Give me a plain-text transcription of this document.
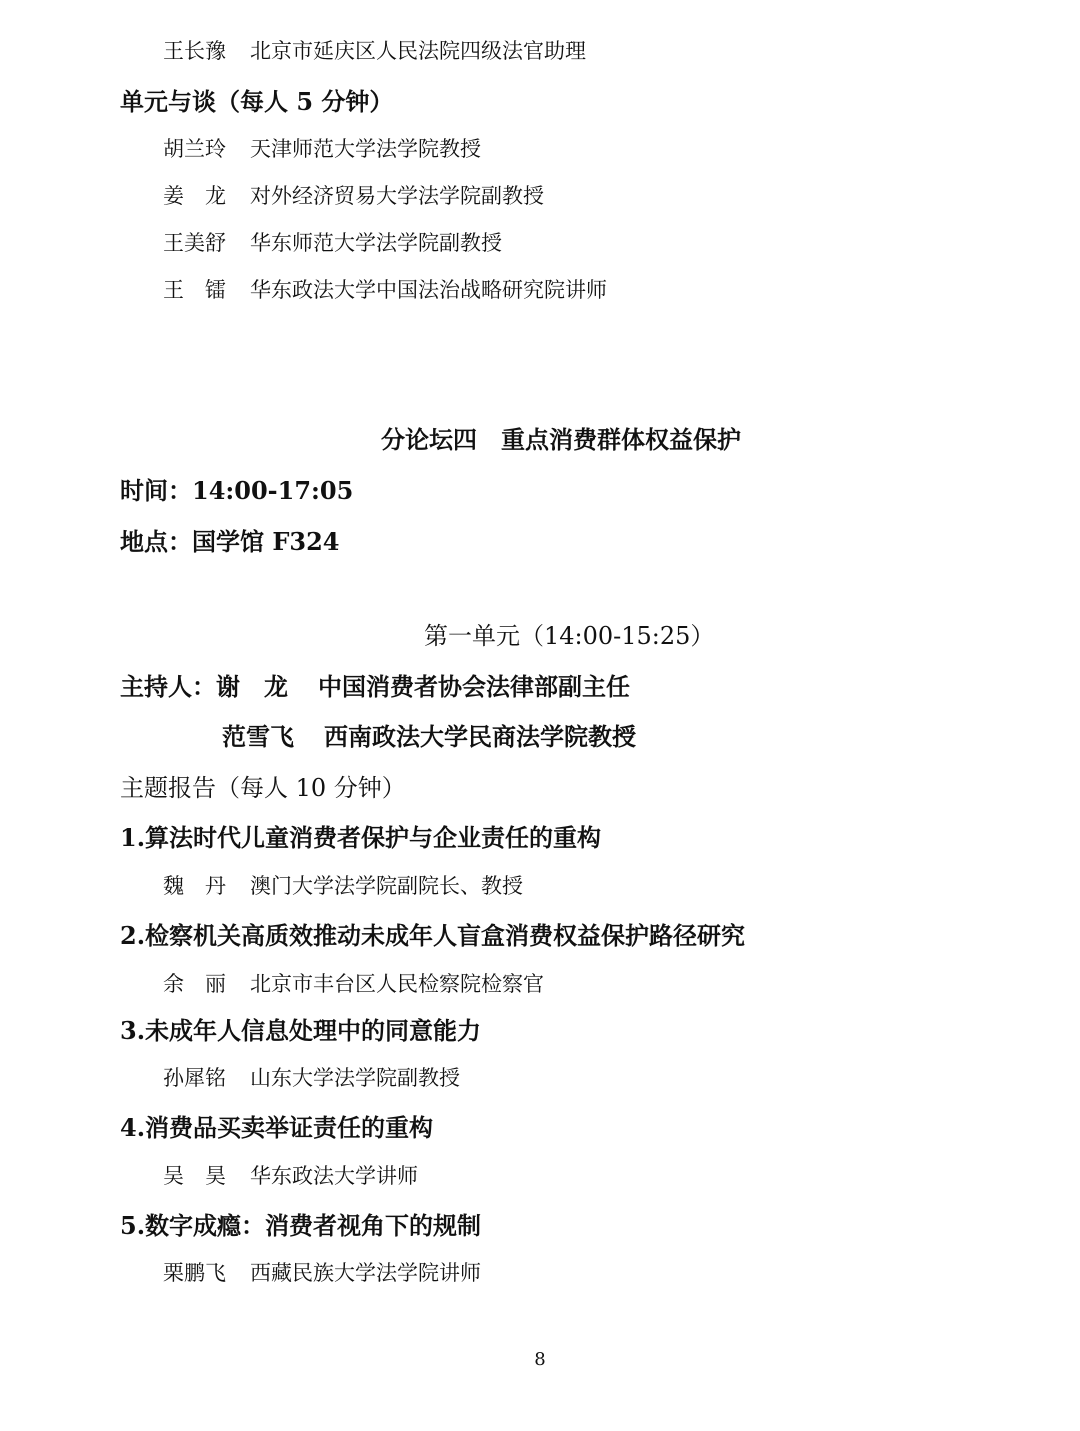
王长豫 北京市延庆区人民法院四级法官助理
单元与谈（每人 5 分钟）
胡兰玲 天津师范大学法学院教授
姜　龙 对外经济贸易大学法学院副教授
王美舒 华东师范大学法学院副教授
王　镭 华东政法大学中国法治战略研究院讲师
分论坛四　重点消费群体权益保护
时间：14:00-17:05
地点：国学馆 F324
第一单元（14:00-15:25）
主持人：谢　龙 中国消费者协会法律部副主任
范雪飞 西南政法大学民商法学院教授
主题报告（每人 10 分钟）
1.算法时代儿童消费者保护与企业责任的重构
魏　丹 澳门大学法学院副院长、教授
2.检察机关高质效推动未成年人盲盒消费权益保护路径研究
余　丽 北京市丰台区人民检察院检察官
3.未成年人信息处理中的同意能力
孙犀铭 山东大学法学院副教授
4.消费品买卖举证责任的重构
吴　昊 华东政法大学讲师
5.数字成瘾：消费者视角下的规制
栗鹏飞 西藏民族大学法学院讲师
8
